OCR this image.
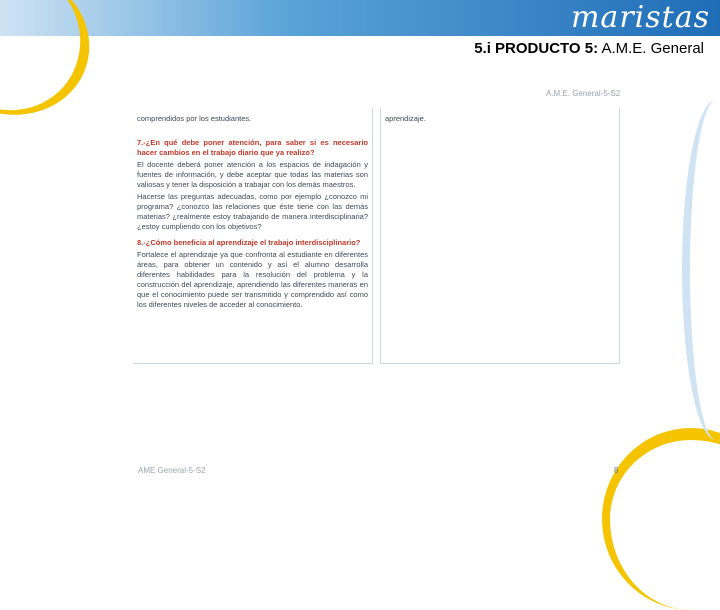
maristas
5.i PRODUCTO 5: A.M.E. General
A.M.E. General-5-S2

comprendidos por los estudiantes.

7.-¿En qué debe poner atención, para saber si es necesario hacer cambios en el trabajo diario que ya realizo?

El docente deberá poner atención a los espacios de indagación y fuentes de información, y debe aceptar que todas las materias son valiosas y tener la disposición a trabajar con los demás maestros.

Hacerse las preguntas adecuadas, como por ejemplo ¿conozco mi programa? ¿conozco las relaciones que éste tiene con las demás materias? ¿realmente estoy trabajando de manera interdisciplinaria? ¿estoy cumpliendo con los objetivos?

8.-¿Cómo beneficia al aprendizaje el trabajo interdisciplinario?

Fortalece el aprendizaje ya que confronta al estudiante en diferentes áreas, para obtener un contenido y así el alumno desarrolla diferentes habilidades para la resolución del problema y la construcción del aprendizaje, aprendiendo las diferentes maneras en que el conocimiento puede ser transmitido y comprendido así como los diferentes niveles de acceder al conocimiento.

aprendizaje.

AME General-5-S2	8
